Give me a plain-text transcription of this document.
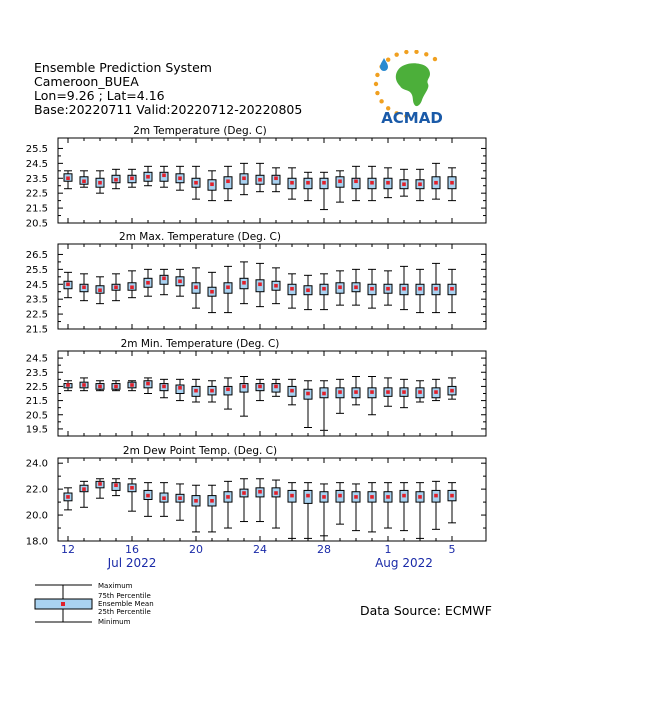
Ensemble Prediction System
Cameroon_BUEA
Lon=9.26 ; Lat=4.16
Base:20220711 Valid:20220712-20220805	ACMAD
2m Temperature (Deg. C)
20.5
21.5
22.5
23.5
24.5
25.5
2m Max. Temperature (Deg. C)
21.5
22.5
23.5
24.5
25.5
26.5
2m Min. Temperature (Deg. C)
19.5
20.5
21.5
22.5
23.5
24.5
2m Dew Point Temp. (Deg. C)
18.0
20.0
22.0
24.0
12	16	20	24	28	1	5
Jul 2022	Aug 2022
Maximum
75th Percentile
Ensemble Mean
25th Percentile
Minimum
Data Source: ECMWF
